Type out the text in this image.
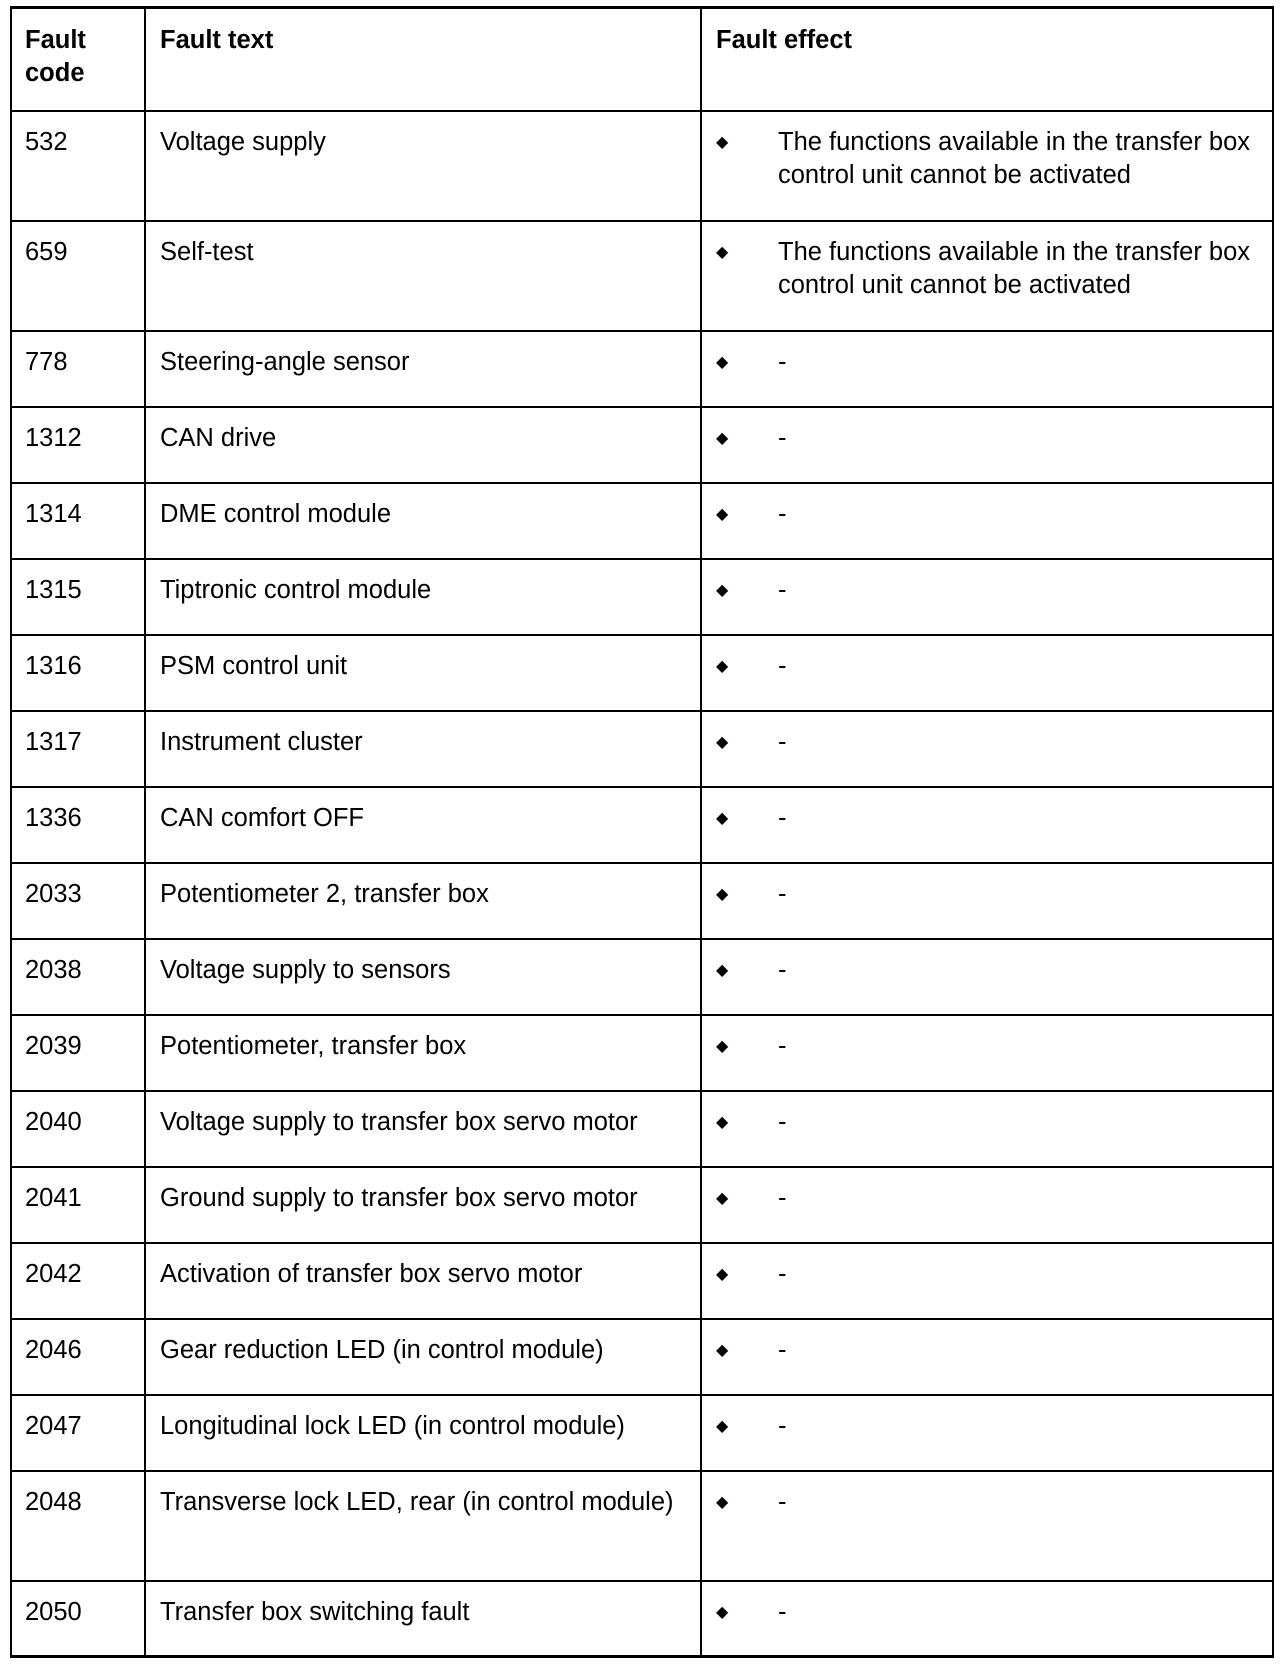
Fault code	Fault text	Fault effect

532	Voltage supply	◆ The functions available in the transfer box control unit cannot be activated

659	Self-test	◆ The functions available in the transfer box control unit cannot be activated

778	Steering-angle sensor	◆ -

1312	CAN drive	◆ -

1314	DME control module	◆ -

1315	Tiptronic control module	◆ -

1316	PSM control unit	◆ -

1317	Instrument cluster	◆ -

1336	CAN comfort OFF	◆ -

2033	Potentiometer 2, transfer box	◆ -

2038	Voltage supply to sensors	◆ -

2039	Potentiometer, transfer box	◆ -

2040	Voltage supply to transfer box servo motor	◆ -

2041	Ground supply to transfer box servo motor	◆ -

2042	Activation of transfer box servo motor	◆ -

2046	Gear reduction LED (in control module)	◆ -

2047	Longitudinal lock LED (in control module)	◆ -

2048	Transverse lock LED, rear (in control module)	◆ -

2050	Transfer box switching fault	◆ -
